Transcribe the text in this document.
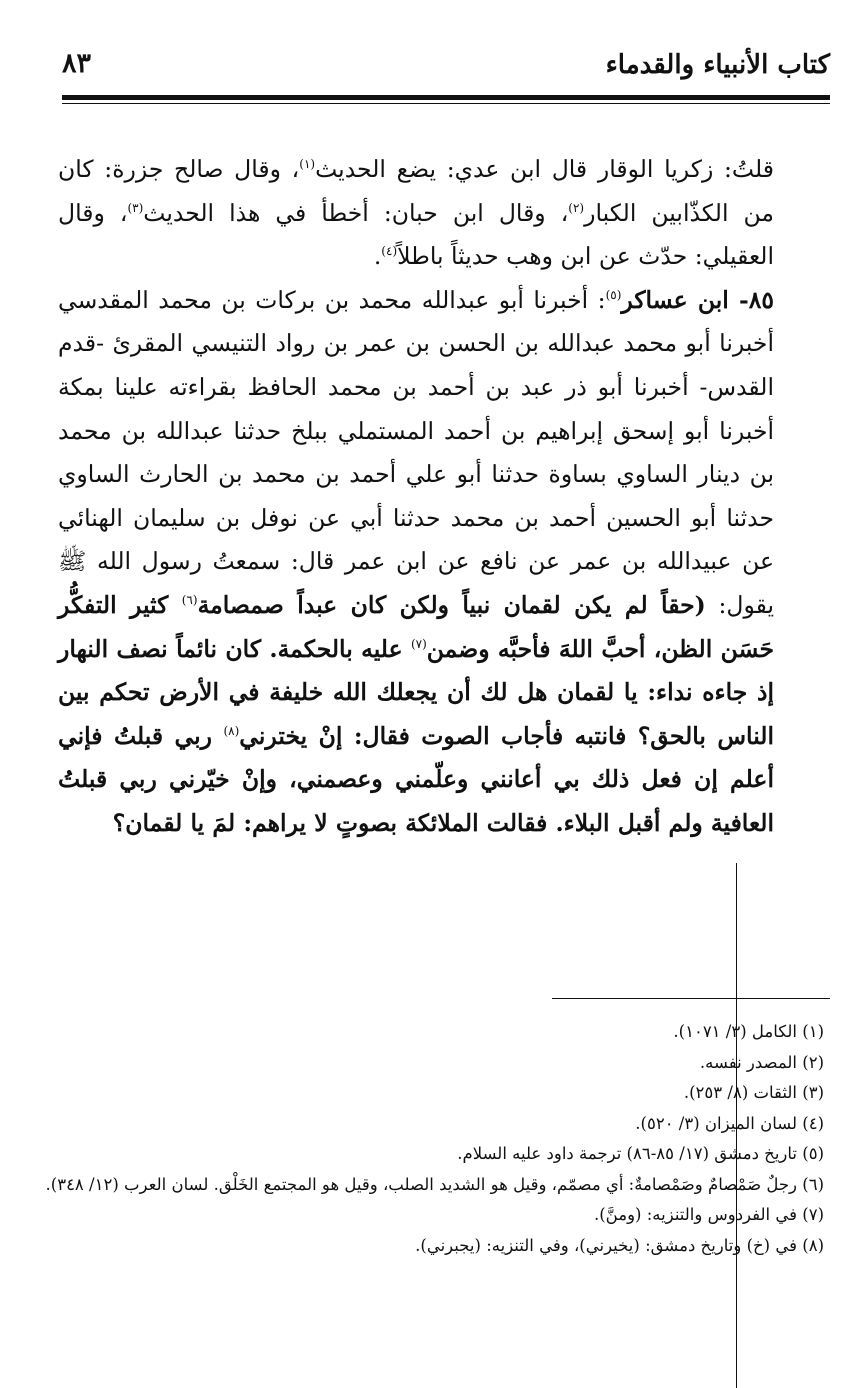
كتاب الأنبياء والقدماء
٨٣

قلتُ: زكريا الوقار قال ابن عدي: يضع الحديث$^{(١)}$، وقال صالح جزرة: كان من الكذّابين الكبار$^{(٢)}$، وقال ابن حبان: أخطأ في هذا الحديث$^{(٣)}$، وقال العقيلي: حدّث عن ابن وهب حديثاً باطلاً$^{(٤)}$.

٨٥- ابن عساكر$^{(٥)}$: أخبرنا أبو عبدالله محمد بن بركات بن محمد المقدسي أخبرنا أبو محمد عبدالله بن الحسن بن عمر بن رواد التنيسي المقرئ -قدم القدس- أخبرنا أبو ذر عبد بن أحمد بن محمد الحافظ بقراءته علينا بمكة أخبرنا أبو إسحق إبراهيم بن أحمد المستملي ببلخ حدثنا عبدالله بن محمد بن دينار الساوي بساوة حدثنا أبو علي أحمد بن محمد بن الحارث الساوي حدثنا أبو الحسين أحمد بن محمد حدثنا أبي عن نوفل بن سليمان الهنائي عن عبيدالله بن عمر عن نافع عن ابن عمر قال: سمعتُ رسول الله ﷺ يقول: (حقاً لم يكن لقمان نبياً ولكن كان عبداً صمصامة$^{(٦)}$ كثير التفكُّر حَسَن الظن، أحبَّ اللهَ فأحبَّه وضمن$^{(٧)}$ عليه بالحكمة. كان نائماً نصف النهار إذ جاءه نداء: يا لقمان هل لك أن يجعلك الله خليفة في الأرض تحكم بين الناس بالحق؟ فانتبه فأجاب الصوت فقال: إنْ يخترني$^{(٨)}$ ربي قبلتُ فإني أعلم إن فعل ذلك بي أعانني وعلّمني وعصمني، وإنْ خيّرني ربي قبلتُ العافية ولم أقبل البلاء. فقالت الملائكة بصوتٍ لا يراهم: لمَ يا لقمان؟

(١) الكامل (٣/ ١٠٧١).

(٢) المصدر نفسه.

(٣) الثقات (٨/ ٢٥٣).

(٤) لسان الميزان (٣/ ٥٢٠).

(٥) تاريخ دمشق (١٧/ ٨٥-٨٦) ترجمة داود عليه السلام.

(٦) رجلٌ صَمْصامٌ وصَمْصامةٌ: أي مصمّم، وقيل هو الشديد الصلب، وقيل هو المجتمع الخَلْق. لسان العرب (١٢/ ٣٤٨).

(٧) في الفردوس والتنزيه: (ومنَّ).

(٨) في (خ) وتاريخ دمشق: (يخيرني)، وفي التنزيه: (يجبرني).
